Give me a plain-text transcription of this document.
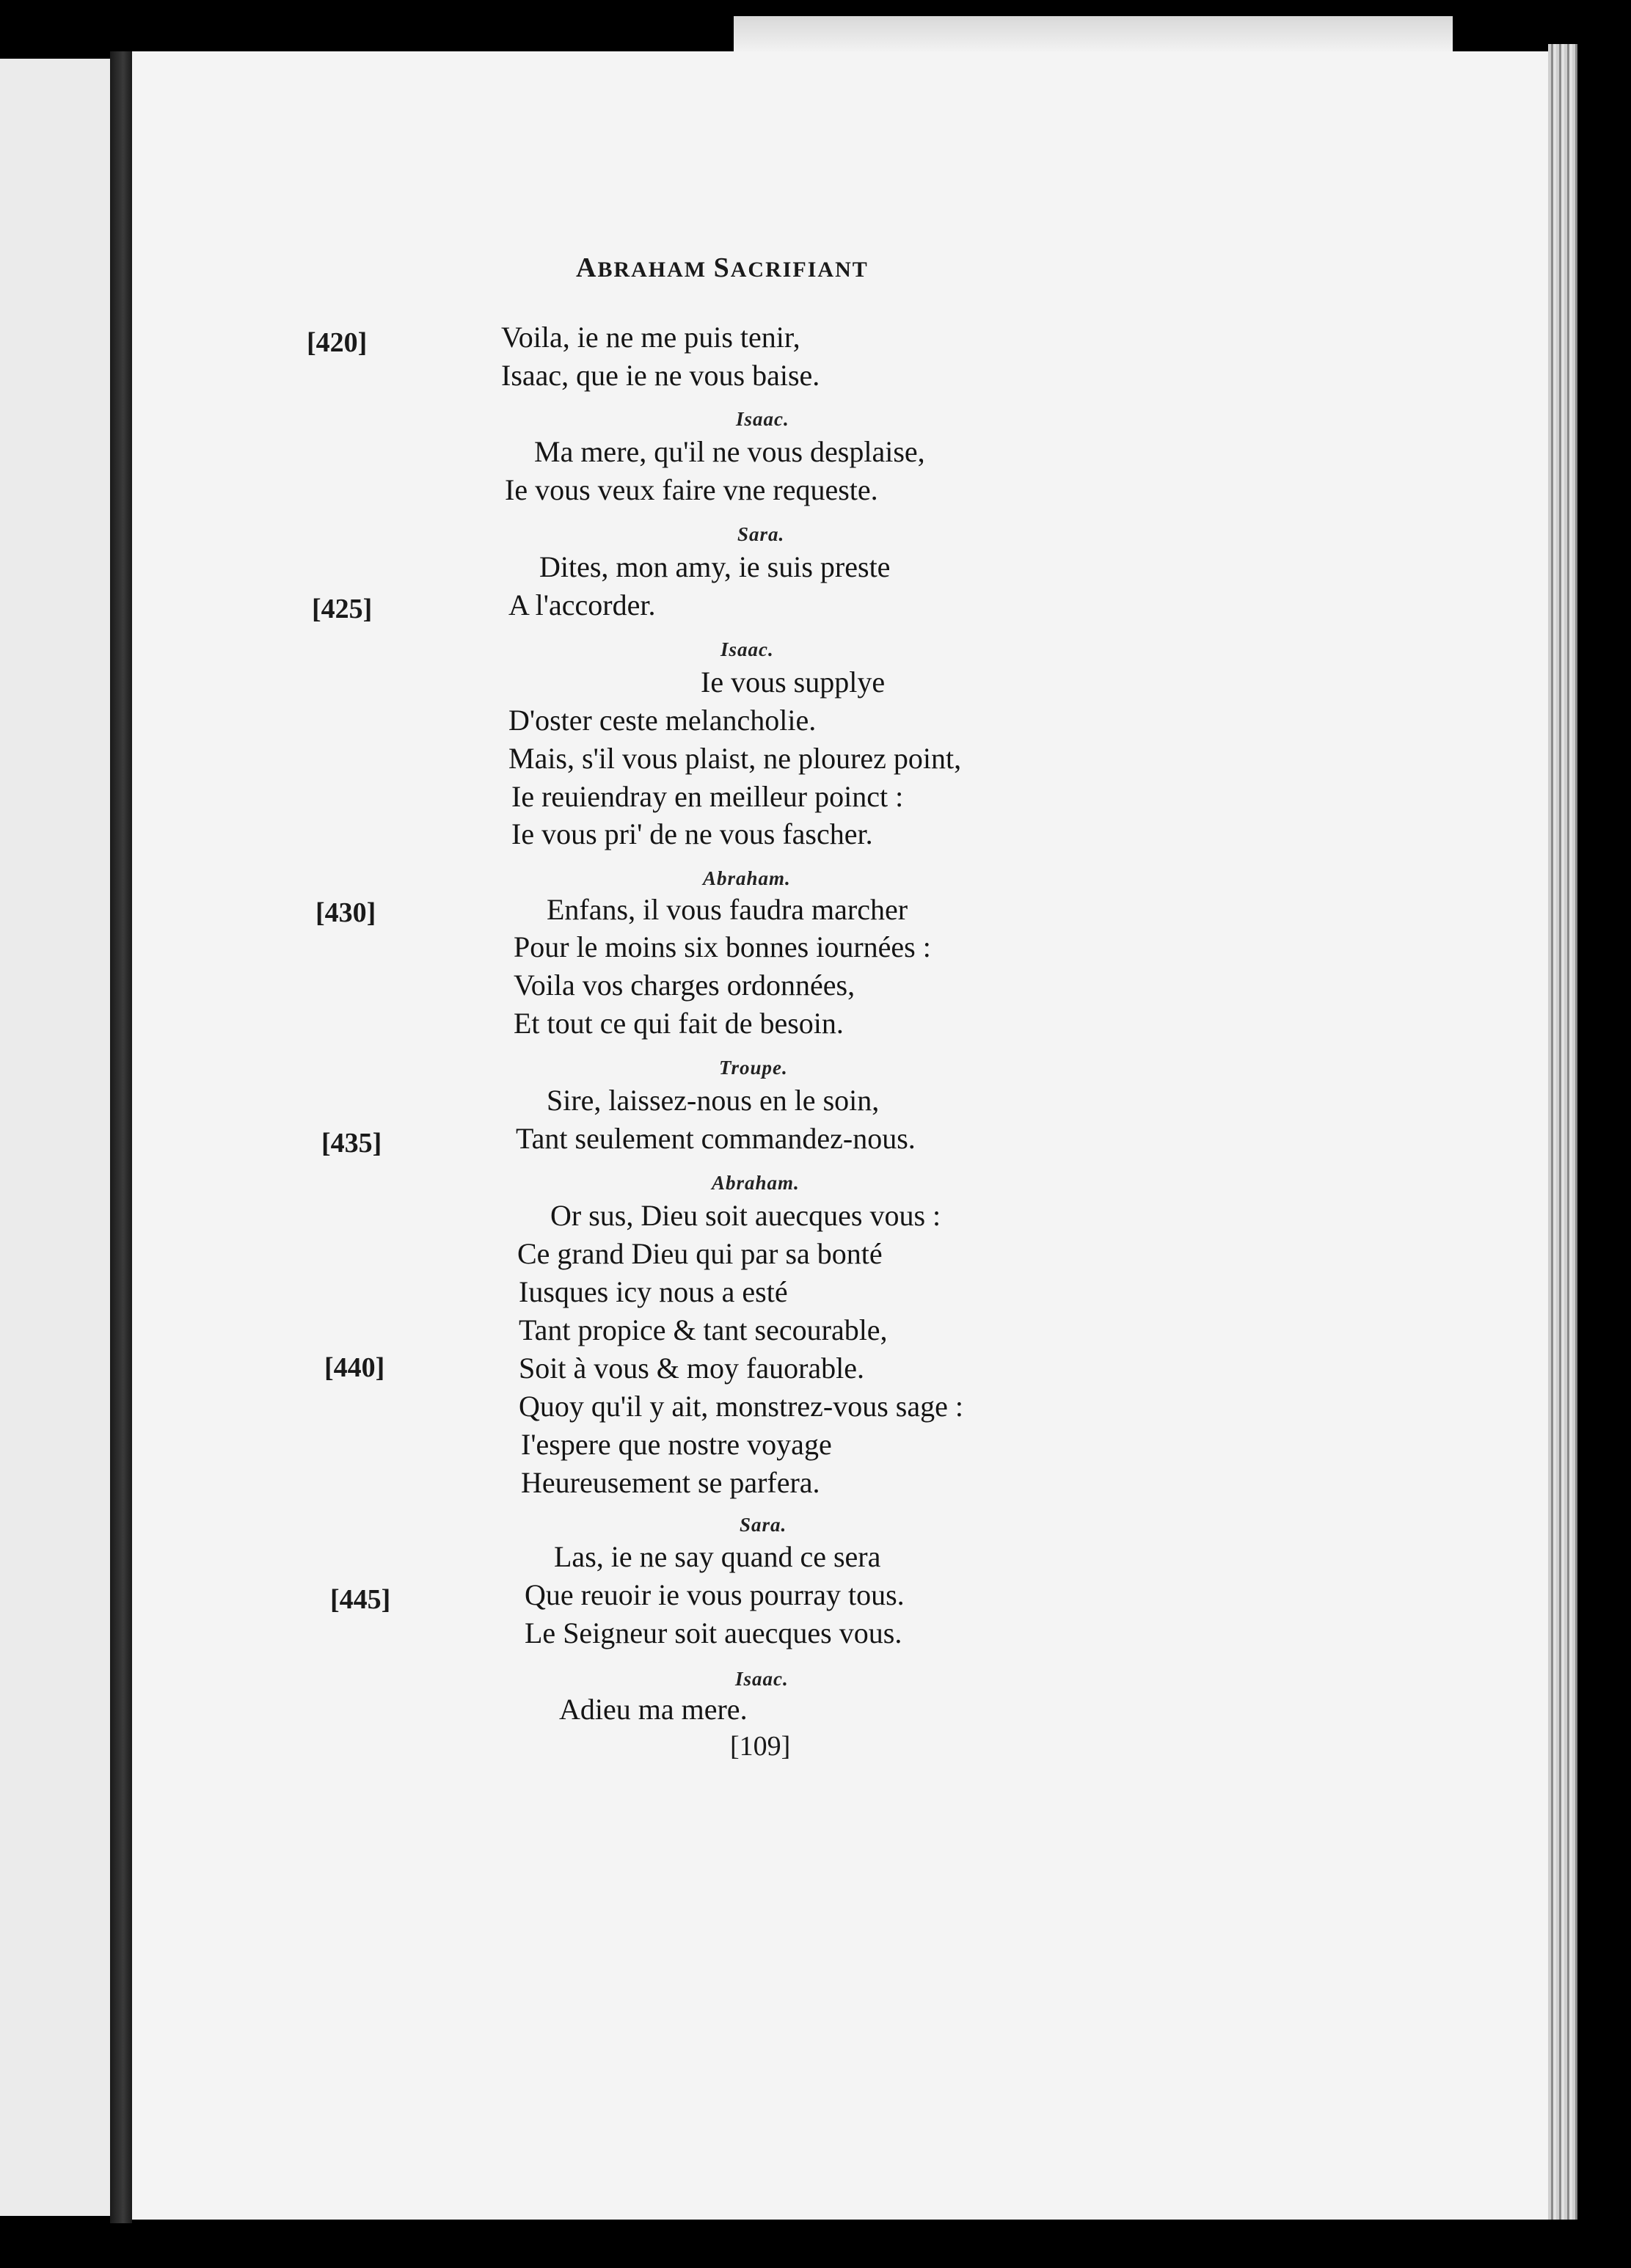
ABRAHAM SACRIFIANT
[420]
[425]
[430]
[435]
[440]
[445]
Voila, ie ne me puis tenir,
Isaac, que ie ne vous baise.
Isaac.
Ma mere, qu'il ne vous desplaise,
Ie vous veux faire vne requeste.
Sara.
Dites, mon amy, ie suis preste
A l'accorder.
Isaac.
Ie vous supplye
D'oster ceste melancholie.
Mais, s'il vous plaist, ne plourez point,
Ie reuiendray en meilleur poinct :
Ie vous pri' de ne vous fascher.
Abraham.
Enfans, il vous faudra marcher
Pour le moins six bonnes iournées :
Voila vos charges ordonnées,
Et tout ce qui fait de besoin.
Troupe.
Sire, laissez-nous en le soin,
Tant seulement commandez-nous.
Abraham.
Or sus, Dieu soit auecques vous :
Ce grand Dieu qui par sa bonté
Iusques icy nous a esté
Tant propice & tant secourable,
Soit à vous & moy fauorable.
Quoy qu'il y ait, monstrez-vous sage :
I'espere que nostre voyage
Heureusement se parfera.
Sara.
Las, ie ne say quand ce sera
Que reuoir ie vous pourray tous.
Le Seigneur soit auecques vous.
Isaac.
Adieu ma mere.
[109]
